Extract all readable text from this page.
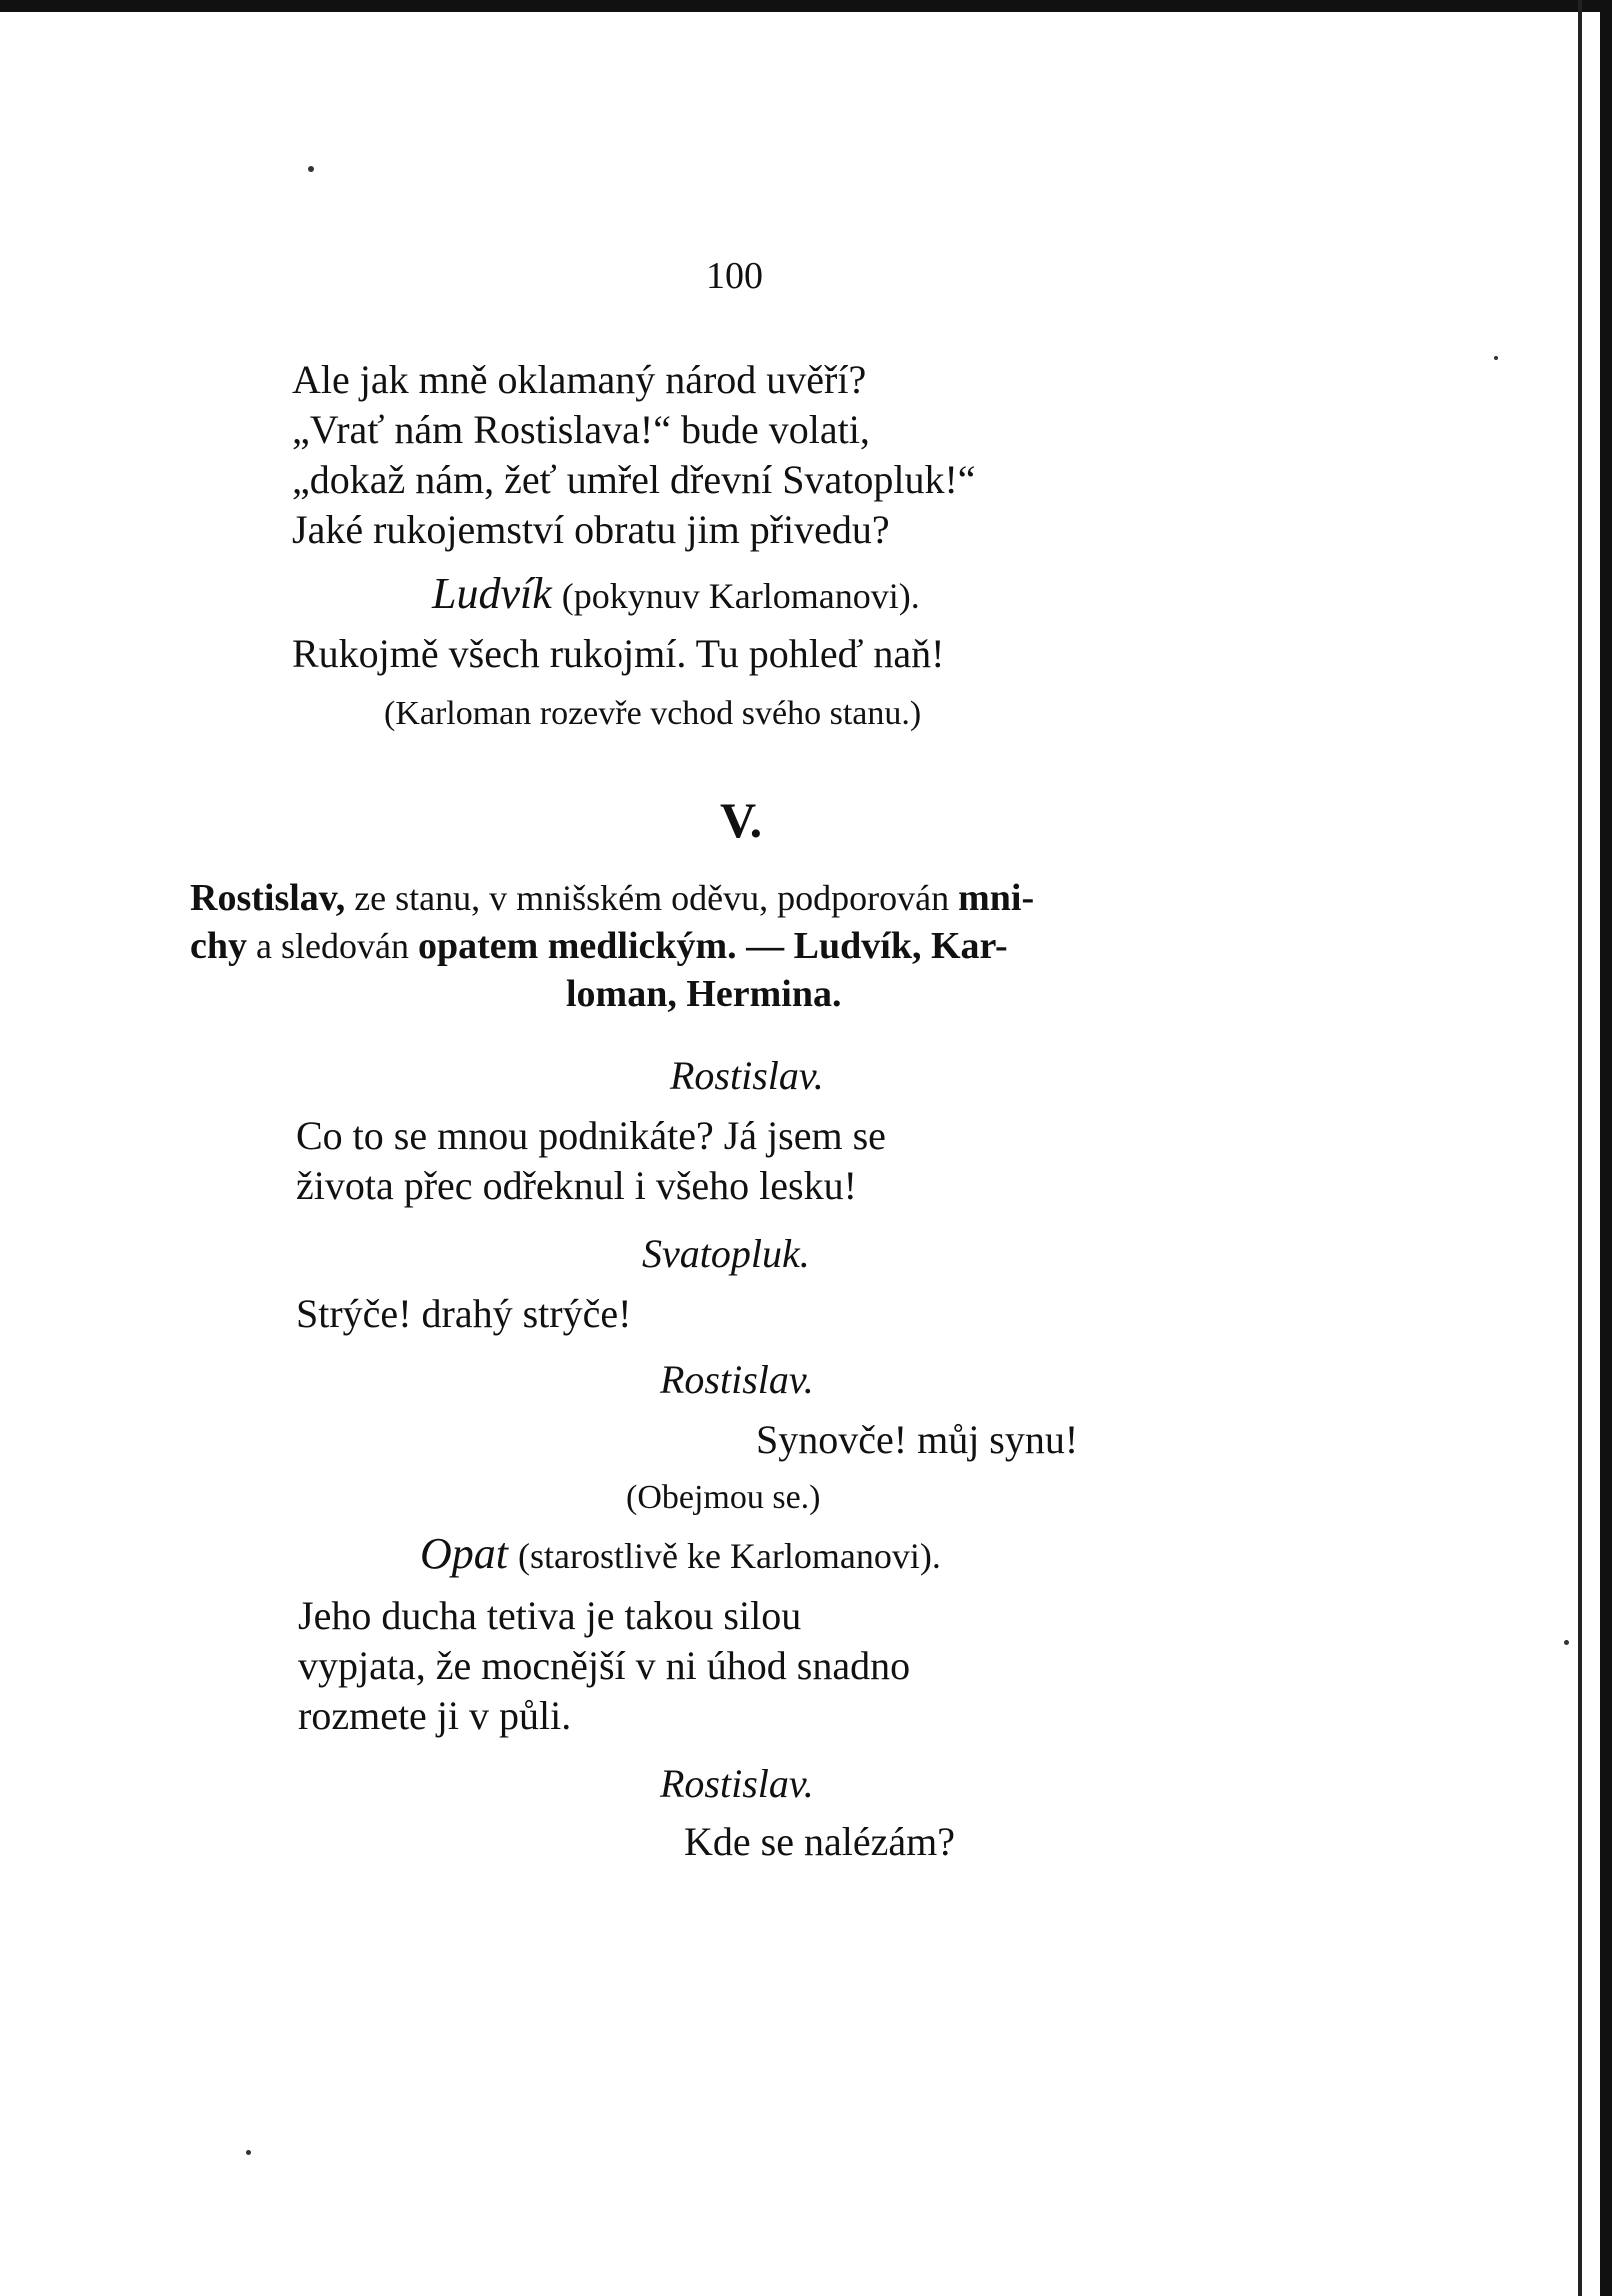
100
Ale jak mně oklamaný národ uvěří?
„Vrať nám Rostislava!“ bude volati,
„dokaž nám, žeť umřel dřevní Svatopluk!“
Jaké rukojemství obratu jim přivedu?
Ludvík (pokynuv Karlomanovi).
Rukojmě všech rukojmí. Tu pohleď naň!
(Karloman rozevře vchod svého stanu.)
V.
Rostislav, ze stanu, v mnišském oděvu, podporován mni-
chy a sledován opatem medlickým. — Ludvík, Kar-
loman, Hermina.
Rostislav.
Co to se mnou podnikáte? Já jsem se
života přec odřeknul i všeho lesku!
Svatopluk.
Strýče! drahý strýče!
Rostislav.
Synovče! můj synu!
(Obejmou se.)
Opat (starostlivě ke Karlomanovi).
Jeho ducha tetiva je takou silou
vypjata, že mocnější v ni úhod snadno
rozmete ji v půli.
Rostislav.
Kde se nalézám?
